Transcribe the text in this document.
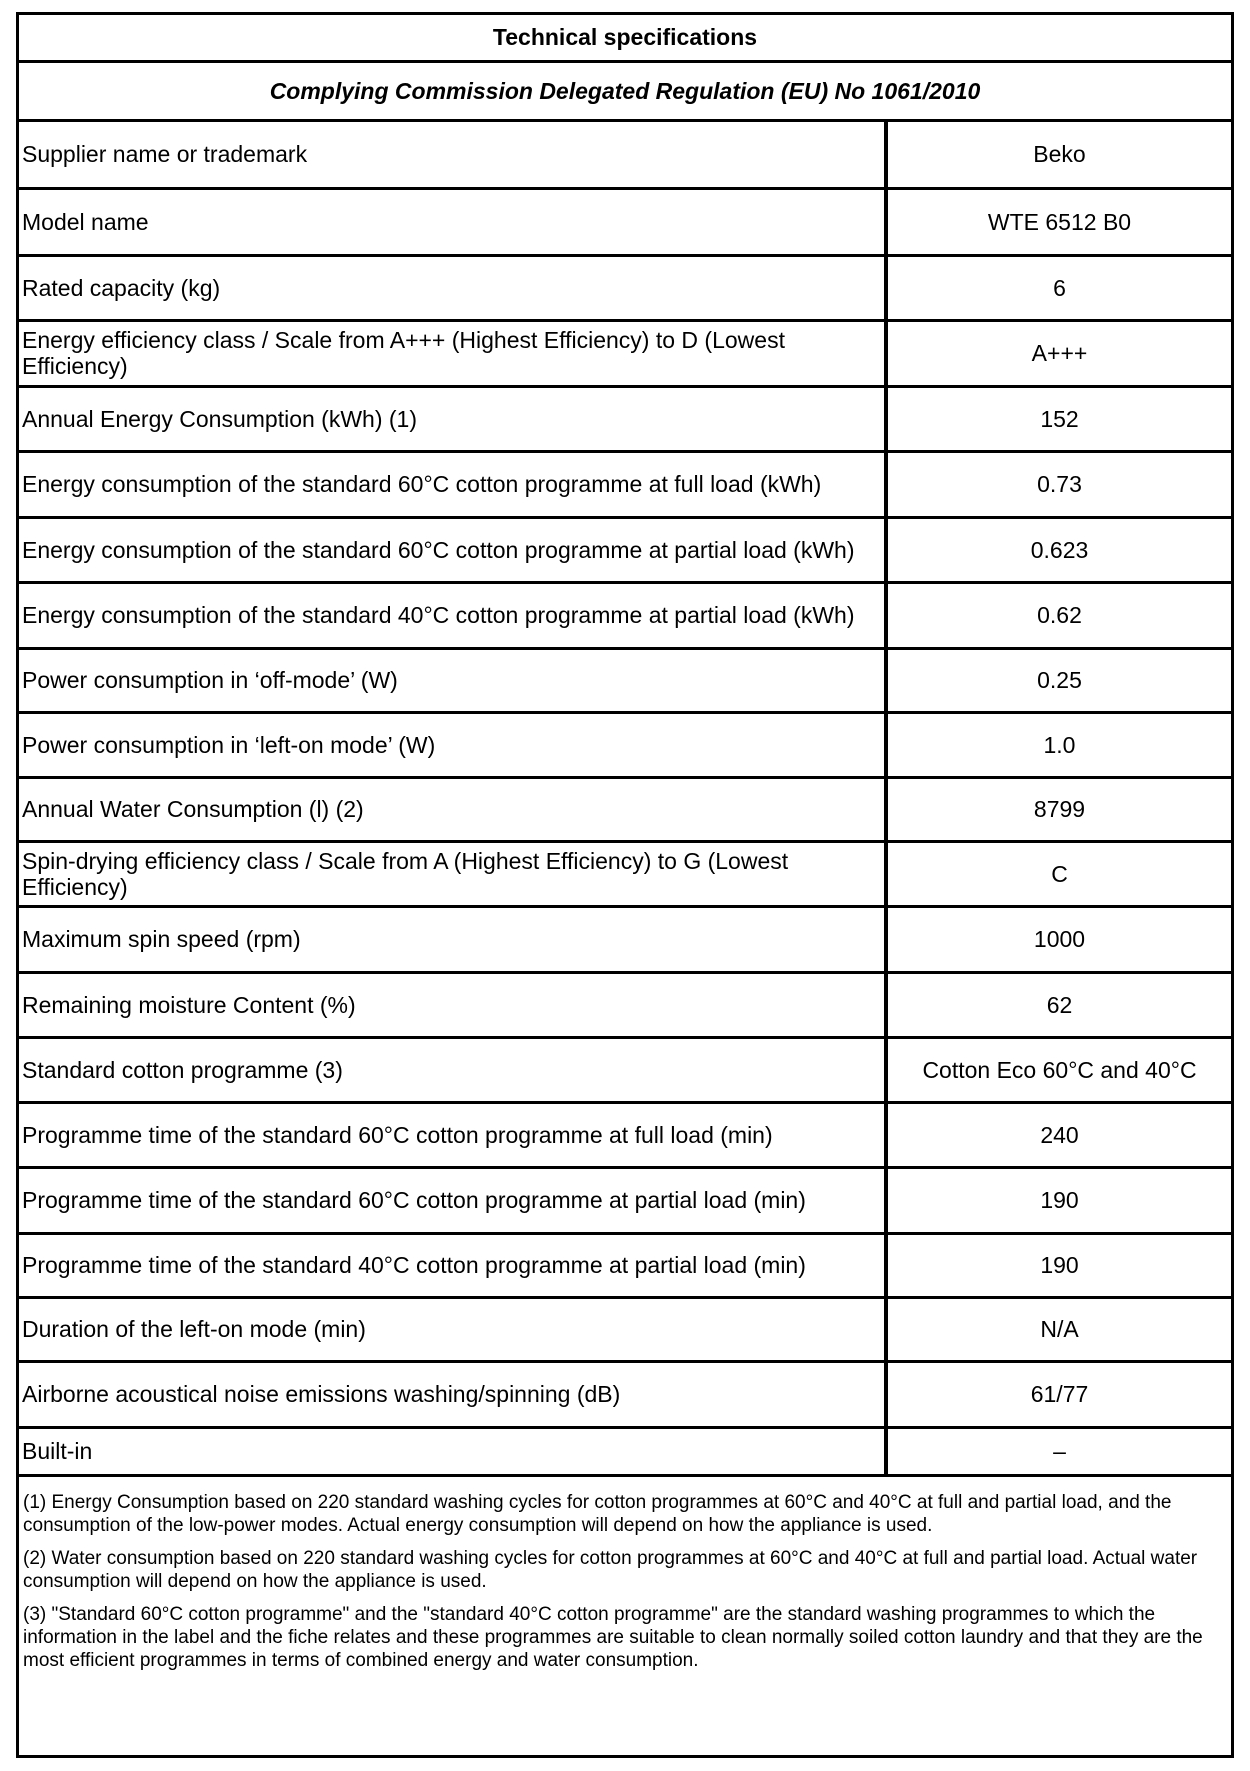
Technical specifications
Complying Commission Delegated Regulation (EU) No 1061/2010
Supplier name or trademark	Beko
Model name	WTE 6512 B0
Rated capacity (kg)	6
Energy efficiency class / Scale from A+++ (Highest Efficiency) to D (Lowest Efficiency)	A+++
Annual Energy Consumption (kWh) (1)	152
Energy consumption of the standard 60°C cotton programme at full load (kWh)	0.73
Energy consumption of the standard 60°C cotton programme at partial load (kWh)	0.623
Energy consumption of the standard 40°C cotton programme at partial load (kWh)	0.62
Power consumption in ‘off-mode’ (W)	0.25
Power consumption in ‘left-on mode’ (W)	1.0
Annual Water Consumption (l) (2)	8799
Spin-drying efficiency class / Scale from A (Highest Efficiency) to G (Lowest Efficiency)	C
Maximum spin speed (rpm)	1000
Remaining moisture Content (%)	62
Standard cotton programme (3)	Cotton Eco 60°C and 40°C
Programme time of the standard 60°C cotton programme at full load (min)	240
Programme time of the standard 60°C cotton programme at partial load (min)	190
Programme time of the standard 40°C cotton programme at partial load (min)	190
Duration of the left-on mode (min)	N/A
Airborne acoustical noise emissions washing/spinning (dB)	61/77
Built-in	–

(1) Energy Consumption based on 220 standard washing cycles for cotton programmes at 60°C and 40°C at full and partial load, and the consumption of the low-power modes. Actual energy consumption will depend on how the appliance is used.

(2) Water consumption based on 220 standard washing cycles for cotton programmes at 60°C and 40°C at full and partial load. Actual water consumption will depend on how the appliance is used.

(3) "Standard 60°C cotton programme" and the "standard 40°C cotton programme" are the standard washing programmes to which the information in the label and the fiche relates and these programmes are suitable to clean normally soiled cotton laundry and that they are the most efficient programmes in terms of combined energy and water consumption.
